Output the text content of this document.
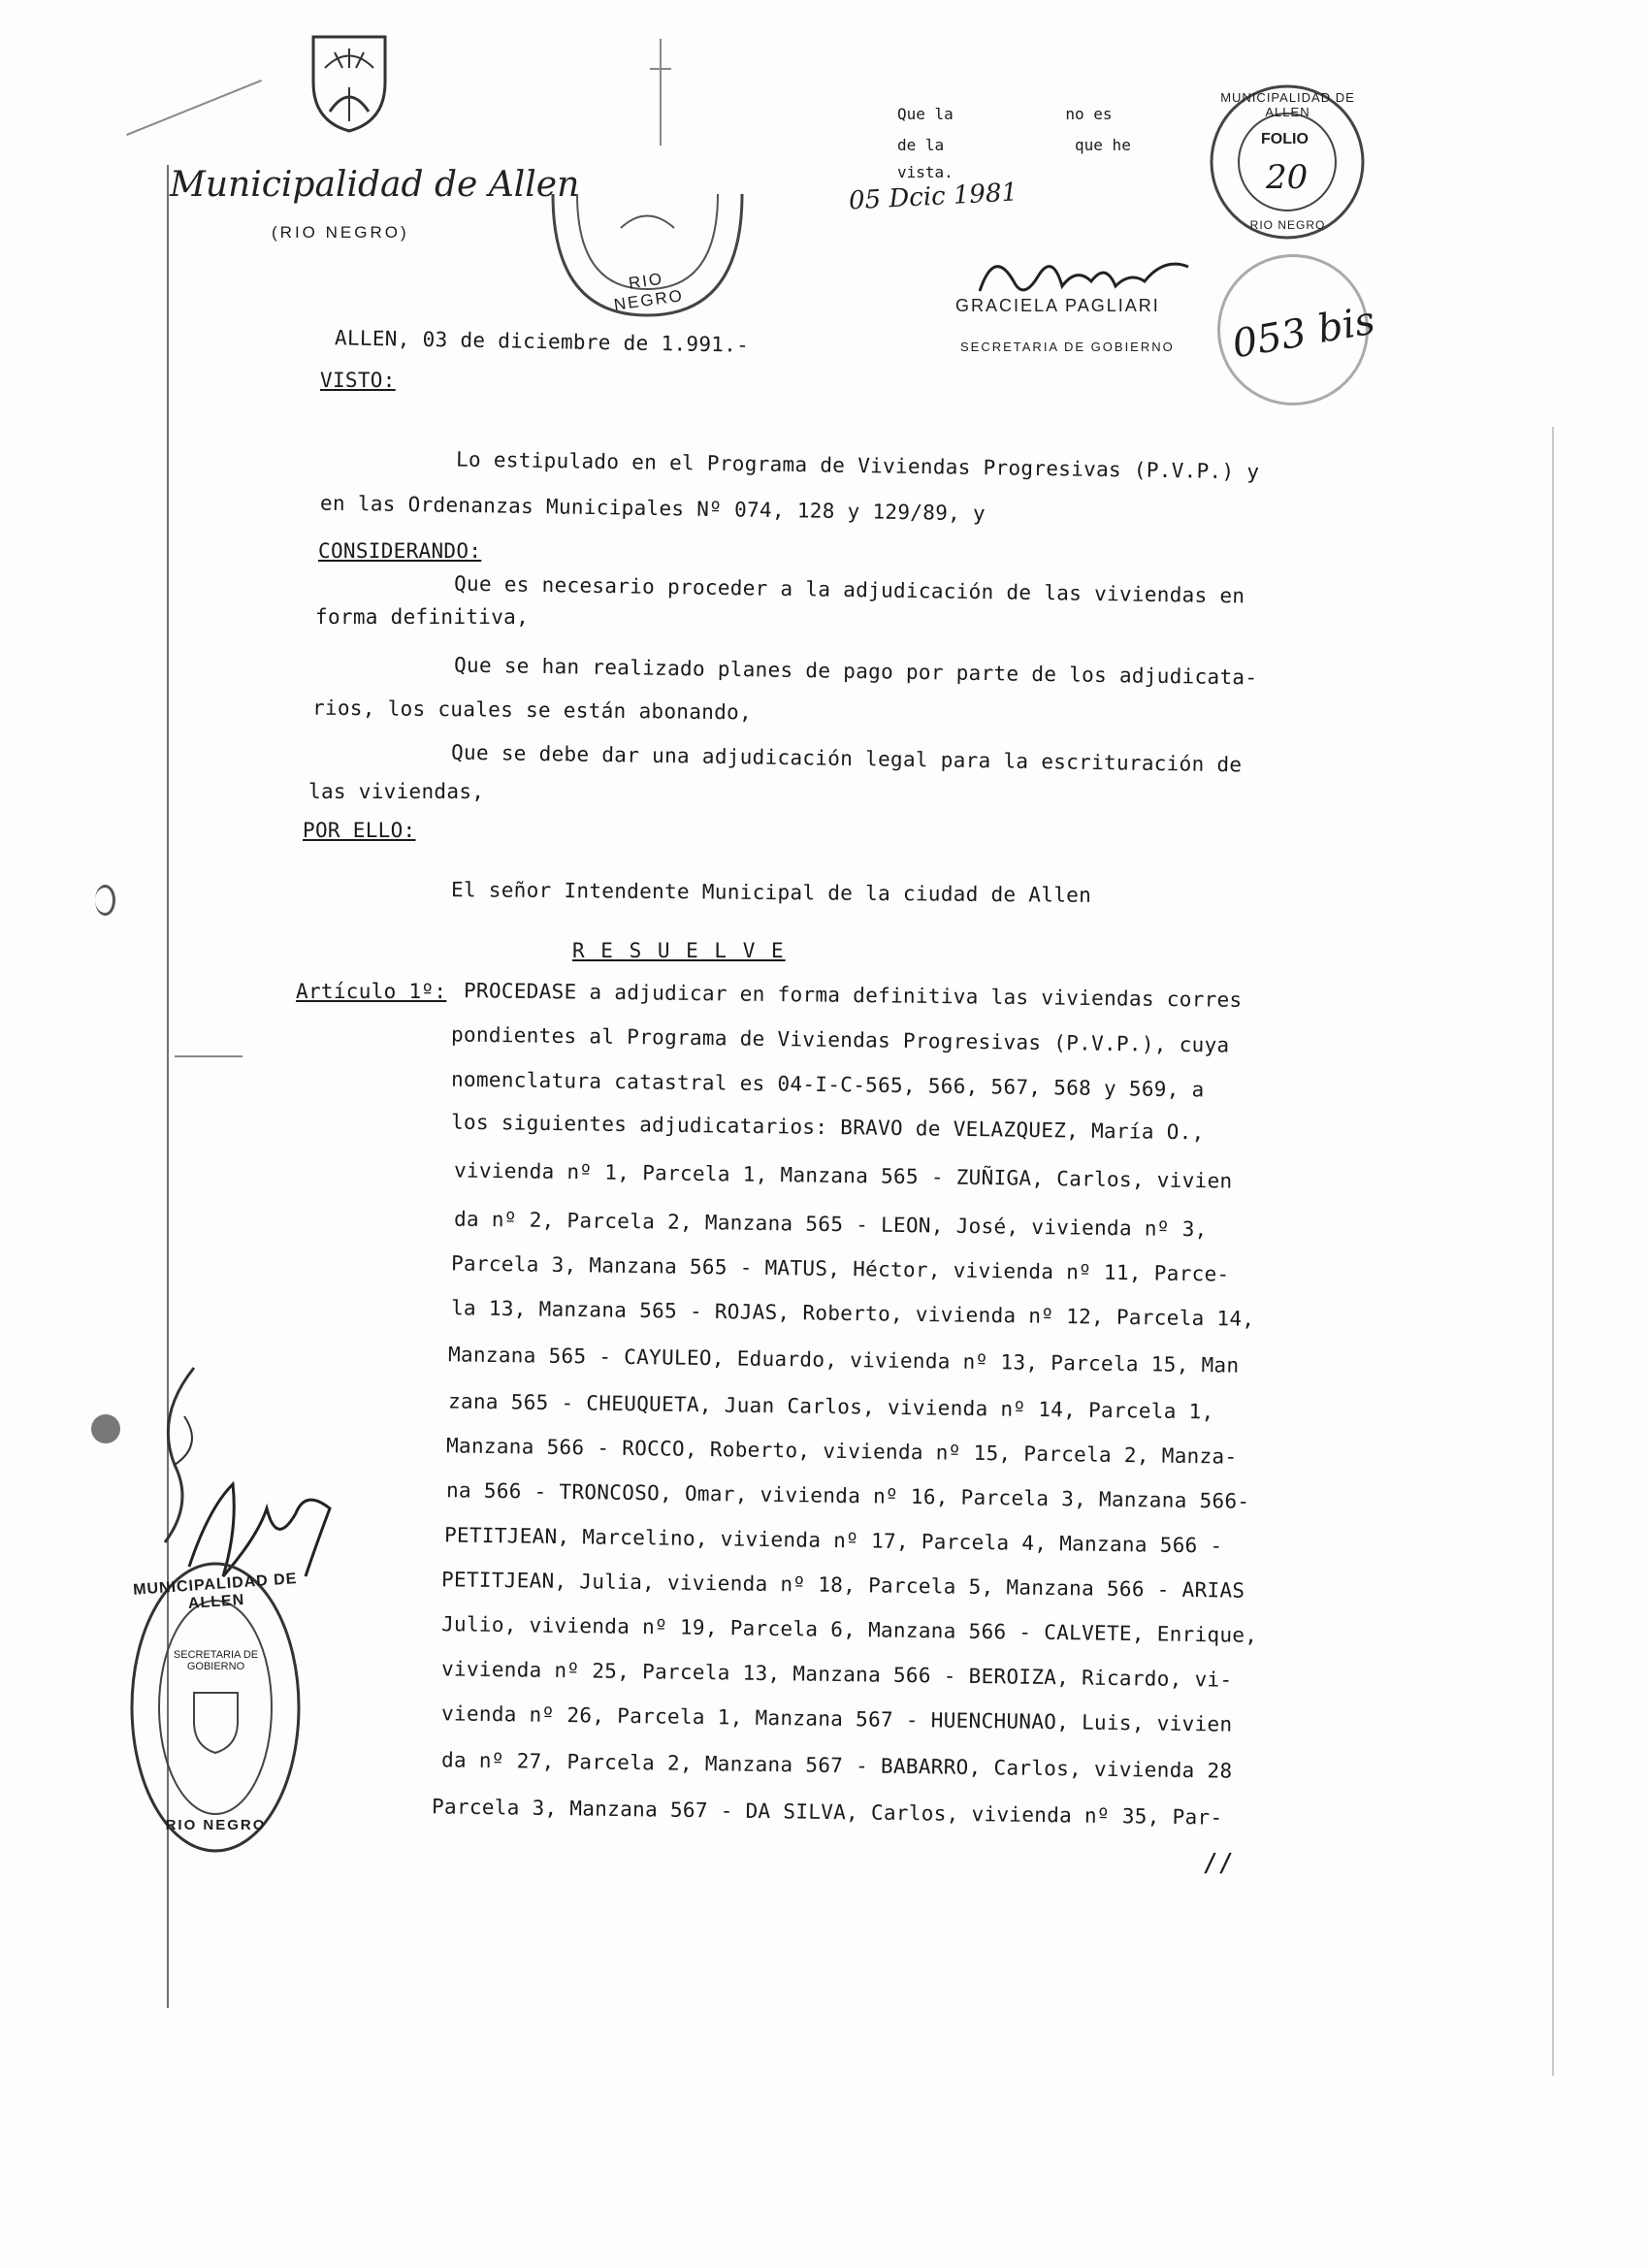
Municipalidad de Allen
(RIO NEGRO)
RIO NEGRO
Que la            no es
de la              que he
vista.
05 Dcic 1981
GRACIELA PAGLIARI
SECRETARIA DE GOBIERNO
MUNICIPALIDAD DE ALLEN
FOLIO
20
RIO NEGRO
053 bis
ALLEN, 03 de diciembre de 1.991.-
VISTO:
Lo estipulado en el Programa de Viviendas Progresivas (P.V.P.) y
en las Ordenanzas Municipales Nº 074, 128 y 129/89, y
CONSIDERANDO:
Que es necesario proceder a la adjudicación de las viviendas en
forma definitiva,
Que se han realizado planes de pago por parte de los adjudicata-
rios, los cuales se están abonando,
Que se debe dar una adjudicación legal para la escrituración de
las viviendas,
POR ELLO:
El señor Intendente Municipal de la ciudad de Allen
R E S U E L V E
Artículo 1º: PROCEDASE a adjudicar en forma definitiva las viviendas corres
pondientes al Programa de Viviendas Progresivas (P.V.P.), cuya
nomenclatura catastral es 04-I-C-565, 566, 567, 568 y 569, a
los siguientes adjudicatarios: BRAVO de VELAZQUEZ, María O.,
vivienda nº 1, Parcela 1, Manzana 565 - ZUÑIGA, Carlos, vivien
da nº 2, Parcela 2, Manzana 565 - LEON, José, vivienda nº 3,
Parcela 3, Manzana 565 - MATUS, Héctor, vivienda nº 11, Parce-
la 13, Manzana 565 - ROJAS, Roberto, vivienda nº 12, Parcela 14,
Manzana 565 - CAYULEO, Eduardo, vivienda nº 13, Parcela 15, Man
zana 565 - CHEUQUETA, Juan Carlos, vivienda nº 14, Parcela 1,
Manzana 566 - ROCCO, Roberto, vivienda nº 15, Parcela 2, Manza-
na 566 - TRONCOSO, Omar, vivienda nº 16, Parcela 3, Manzana 566-
PETITJEAN, Marcelino, vivienda nº 17, Parcela 4, Manzana 566 -
PETITJEAN, Julia, vivienda nº 18, Parcela 5, Manzana 566 - ARIAS
Julio, vivienda nº 19, Parcela 6, Manzana 566 - CALVETE, Enrique,
vivienda nº 25, Parcela 13, Manzana 566 - BEROIZA, Ricardo, vi-
vienda nº 26, Parcela 1, Manzana 567 - HUENCHUNAO, Luis, vivien
da nº 27, Parcela 2, Manzana 567 - BABARRO, Carlos, vivienda 28
Parcela 3, Manzana 567 - DA SILVA, Carlos, vivienda nº 35, Par-
//
MUNICIPALIDAD DE ALLEN
SECRETARIA DE GOBIERNO
RIO NEGRO
